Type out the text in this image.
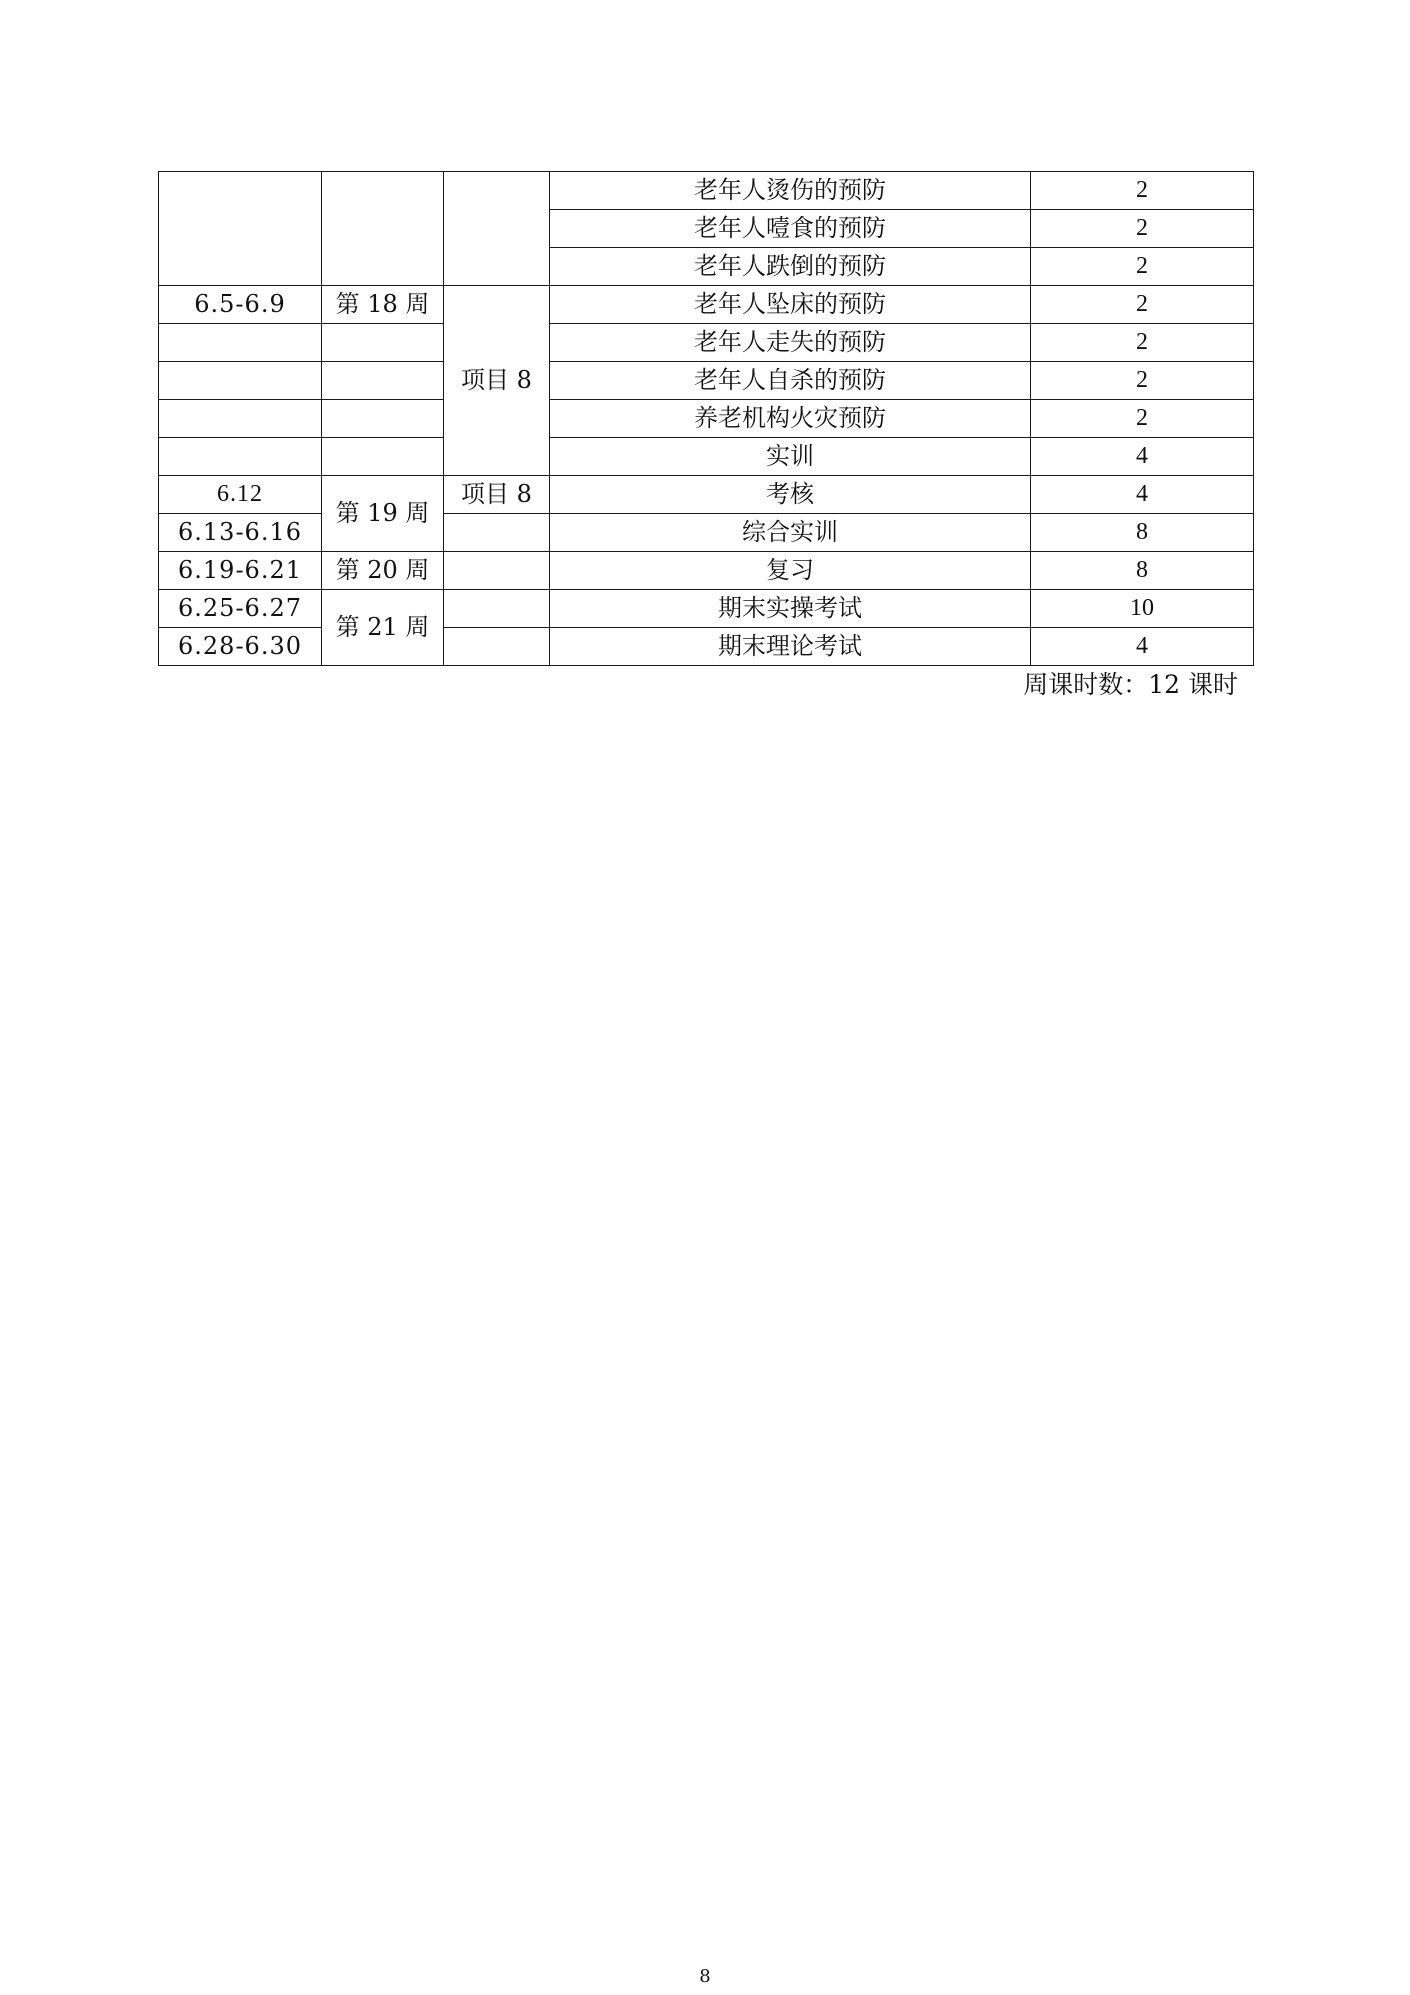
			老年人烫伤的预防	2
			老年人噎食的预防	2
			老年人跌倒的预防	2
6.5-6.9	第 18 周	项目 8	老年人坠床的预防	2
			老年人走失的预防	2
			老年人自杀的预防	2
			养老机构火灾预防	2
			实训	4
6.12	第 19 周	项目 8	考核	4
6.13-6.16			综合实训	8
6.19-6.21	第 20 周		复习	8
6.25-6.27	第 21 周		期末实操考试	10
6.28-6.30			期末理论考试	4
周课时数：12 课时
8
